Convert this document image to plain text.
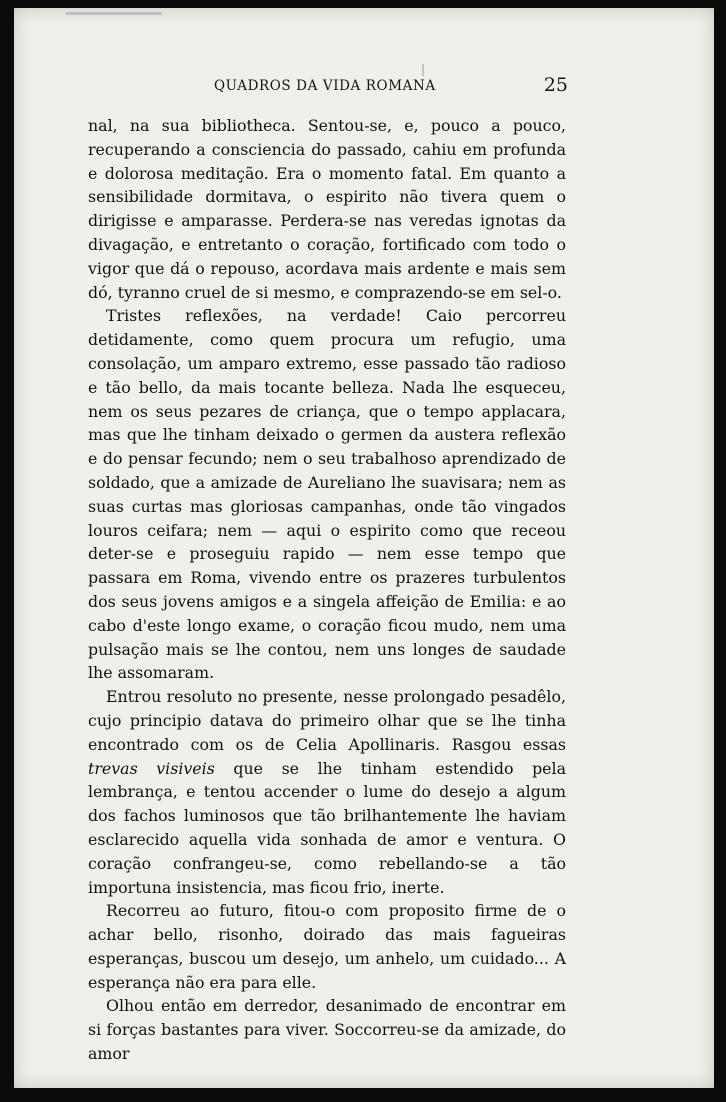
QUADROS DA VIDA ROMANA	25

nal, na sua bibliotheca. Sentou-se, e, pouco a pouco, recuperando a consciencia do passado, cahiu em profunda e dolorosa meditação. Era o momento fatal. Em quanto a sensibilidade dormitava, o espirito não tivera quem o dirigisse e amparasse. Perdera-se nas veredas ignotas da divagação, e entretanto o coração, fortificado com todo o vigor que dá o repouso, acordava mais ardente e mais sem dó, tyranno cruel de si mesmo, e comprazendo-se em sel-o.

Tristes reflexões, na verdade! Caio percorreu detidamente, como quem procura um refugio, uma consolação, um amparo extremo, esse passado tão radioso e tão bello, da mais tocante belleza. Nada lhe esqueceu, nem os seus pezares de criança, que o tempo applacara, mas que lhe tinham deixado o germen da austera reflexão e do pensar fecundo; nem o seu trabalhoso aprendizado de soldado, que a amizade de Aureliano lhe suavisara; nem as suas curtas mas gloriosas campanhas, onde tão vingados louros ceifara; nem — aqui o espirito como que receou deter-se e proseguiu rapido — nem esse tempo que passara em Roma, vivendo entre os prazeres turbulentos dos seus jovens amigos e a singela affeição de Emilia: e ao cabo d'este longo exame, o coração ficou mudo, nem uma pulsação mais se lhe contou, nem uns longes de saudade lhe assomaram.

Entrou resoluto no presente, nesse prolongado pesadêlo, cujo principio datava do primeiro olhar que se lhe tinha encontrado com os de Celia Apollinaris. Rasgou essas trevas visiveis que se lhe tinham estendido pela lembrança, e tentou accender o lume do desejo a algum dos fachos luminosos que tão brilhantemente lhe haviam esclarecido aquella vida sonhada de amor e ventura. O coração confrangeu-se, como rebellando-se a tão importuna insistencia, mas ficou frio, inerte.

Recorreu ao futuro, fitou-o com proposito firme de o achar bello, risonho, doirado das mais fagueiras esperanças, buscou um desejo, um anhelo, um cuidado... A esperança não era para elle.

Olhou então em derredor, desanimado de encontrar em si forças bastantes para viver. Soccorreu-se da amizade, do amor
